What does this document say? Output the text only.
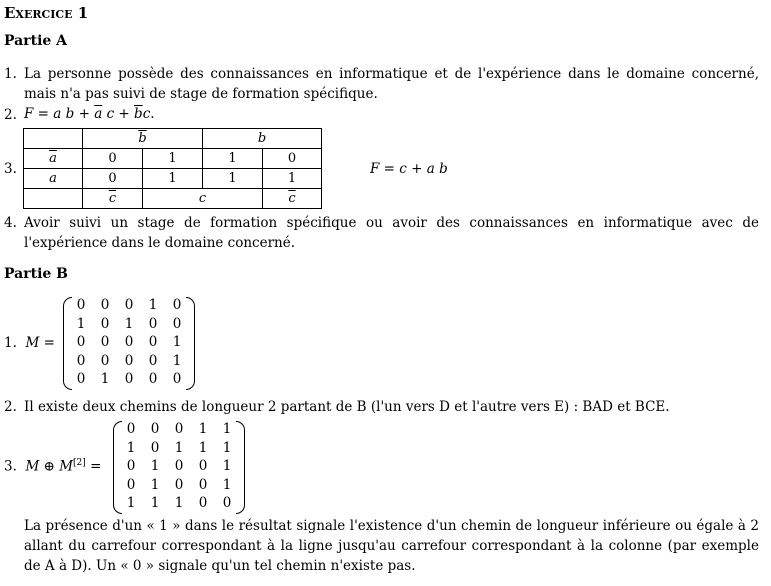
Exercice 1
Partie A
1. La personne possède des connaissances en informatique et de l'expérience dans le domaine concerné, mais n'a pas suivi de stage de formation spécifique.
2. F = a $b + \overline{a}$ $c + \overline{b}c$.
3.
	$\overline{b}$		b	
$\overline{a}$	0	1	1	0
a	0	1	1	1
	$\overline{c}$	c		$\overline{c}$
F = c + a b
4. Avoir suivi un stage de formation spécifique ou avoir des connaissances en informatique avec de l'expérience dans le domaine concerné.
Partie B
1. M =
0	0	0	1	0
1	0	1	0	0
0	0	0	0	1
0	0	0	0	1
0	1	0	0	0
2. Il existe deux chemins de longueur 2 partant de B (l'un vers D et l'autre vers E) : BAD et BCE.
3. M ⊕ M[2] =
0	0	0	1	1
1	0	1	1	1
0	1	0	0	1
0	1	0	0	1
1	1	1	0	0
La présence d'un « 1 » dans le résultat signale l'existence d'un chemin de longueur inférieure ou égale à 2 allant du carrefour correspondant à la ligne jusqu'au carrefour correspondant à la colonne (par exemple de A à D). Un « 0 » signale qu'un tel chemin n'existe pas.
